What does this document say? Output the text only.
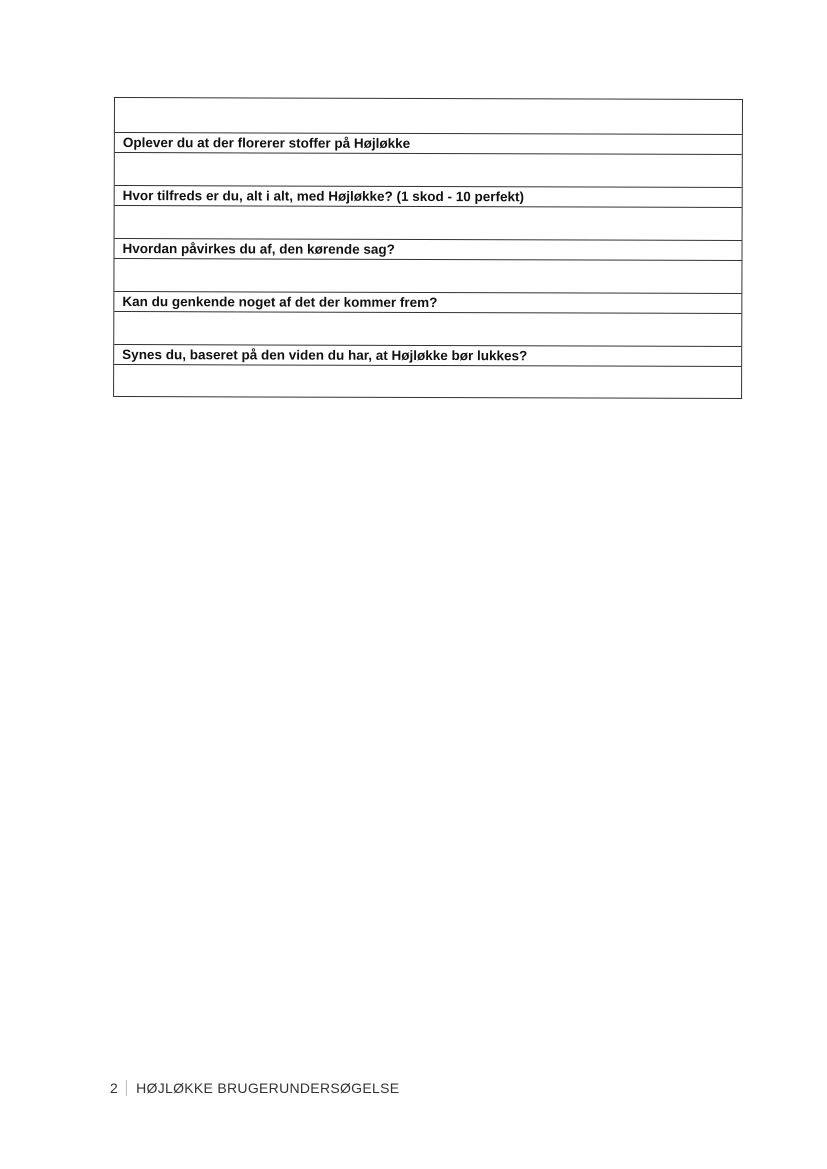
Oplever du at der florerer stoffer på Højløkke
Hvor tilfreds er du, alt i alt, med Højløkke? (1 skod - 10 perfekt)
Hvordan påvirkes du af, den kørende sag?
Kan du genkende noget af det der kommer frem?
Synes du, baseret på den viden du har, at Højløkke bør lukkes?
2 HØJLØKKE BRUGERUNDERSØGELSE
